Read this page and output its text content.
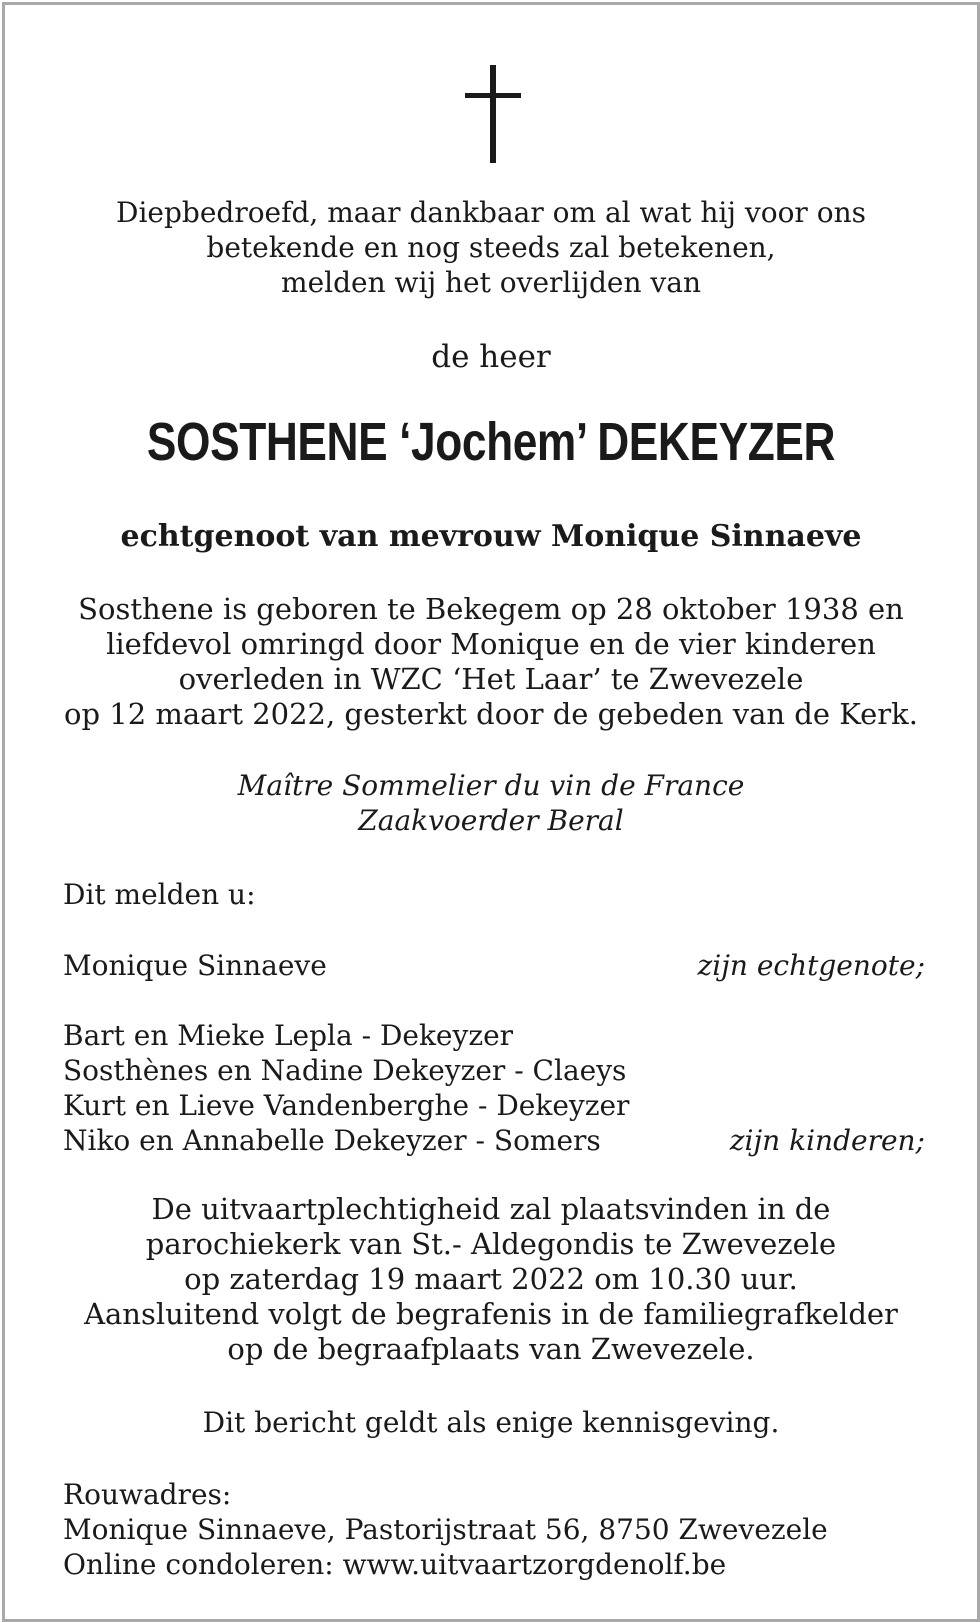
Diepbedroefd, maar dankbaar om al wat hij voor ons
betekende en nog steeds zal betekenen,
melden wij het overlijden van
de heer
SOSTHENE ‘Jochem’ DEKEYZER
echtgenoot van mevrouw Monique Sinnaeve
Sosthene is geboren te Bekegem op 28 oktober 1938 en
liefdevol omringd door Monique en de vier kinderen
overleden in WZC ‘Het Laar’ te Zwevezele
op 12 maart 2022, gesterkt door de gebeden van de Kerk.
Maître Sommelier du vin de France
Zaakvoerder Beral
Dit melden u:
Monique Sinnaeve	zijn echtgenote;
Bart en Mieke Lepla - Dekeyzer
Sosthènes en Nadine Dekeyzer - Claeys
Kurt en Lieve Vandenberghe - Dekeyzer
Niko en Annabelle Dekeyzer - Somers	zijn kinderen;
De uitvaartplechtigheid zal plaatsvinden in de
parochiekerk van St.- Aldegondis te Zwevezele
op zaterdag 19 maart 2022 om 10.30 uur.
Aansluitend volgt de begrafenis in de familiegrafkelder
op de begraafplaats van Zwevezele.
Dit bericht geldt als enige kennisgeving.
Rouwadres:
Monique Sinnaeve, Pastorijstraat 56, 8750 Zwevezele
Online condoleren: www.uitvaartzorgdenolf.be
